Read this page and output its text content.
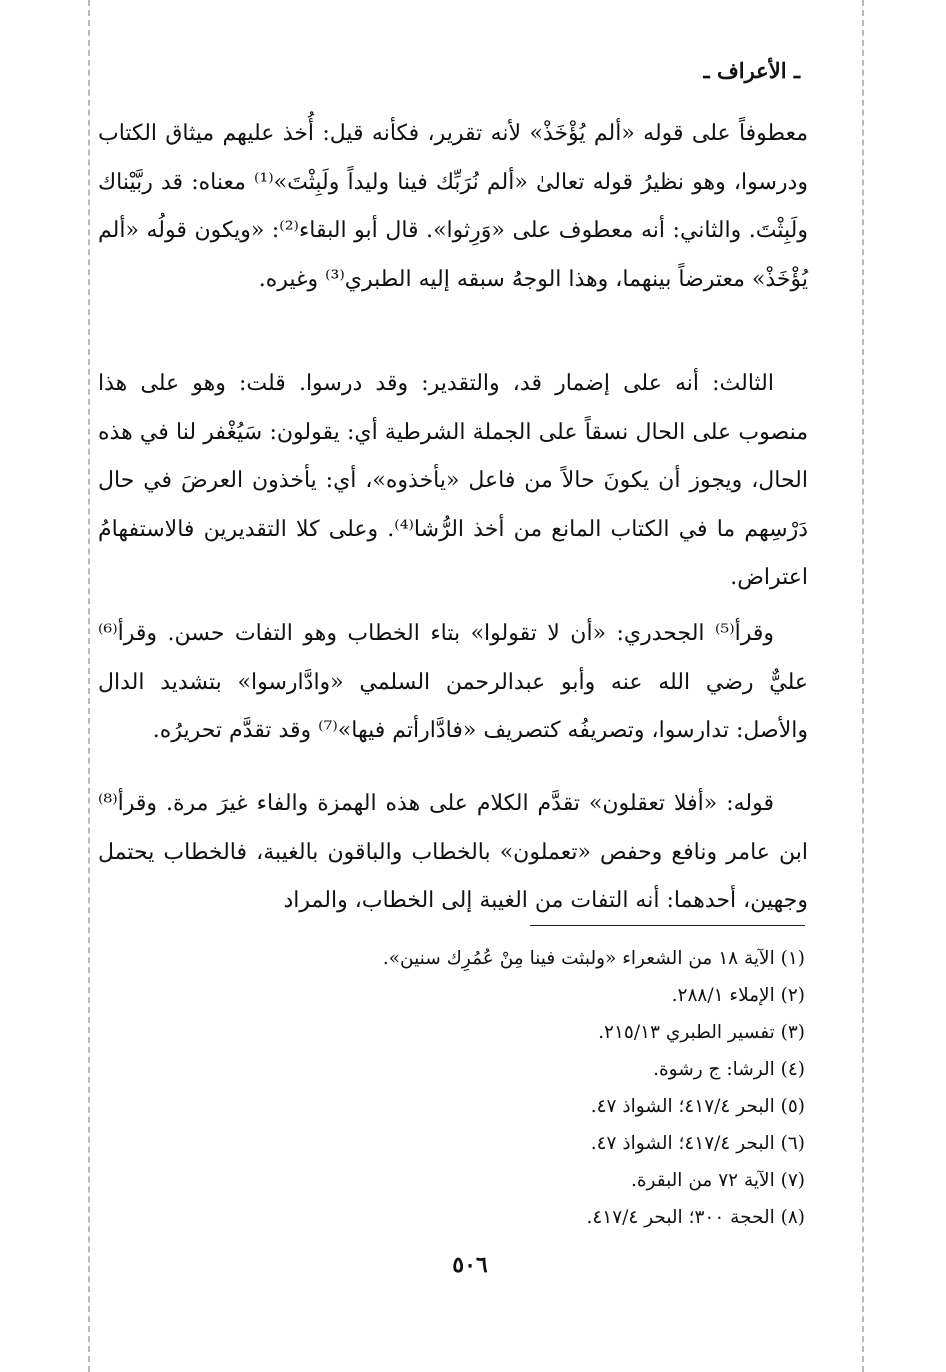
ـ الأعراف ـ

معطوفاً على قوله «ألم يُؤْخَذْ» لأنه تقرير، فكأنه قيل: أُخذ عليهم ميثاق الكتاب ودرسوا، وهو نظيرُ قوله تعالىٰ «ألم نُرَبِّك فينا وليداً ولَبِثْتَ»⁽¹⁾ معناه: قد ربَّيْناك ولَبِثْتَ. والثاني: أنه معطوف على «وَرِثوا». قال أبو البقاء⁽²⁾: «ويكون قولُه «ألم يُؤْخَذْ» معترضاً بينهما، وهذا الوجهُ سبقه إليه الطبري⁽³⁾ وغيره.

الثالث: أنه على إضمار قد، والتقدير: وقد درسوا. قلت: وهو على هذا منصوب على الحال نسقاً على الجملة الشرطية أي: يقولون: سَيُغْفر لنا في هذه الحال، ويجوز أن يكونَ حالاً من فاعل «يأخذوه»، أي: يأخذون العرضَ في حال دَرْسِهم ما في الكتاب المانع من أخذ الرُّشا⁽⁴⁾. وعلى كلا التقديرين فالاستفهامُ اعتراض.

وقرأ⁽⁵⁾ الجحدري: «أن لا تقولوا» بتاء الخطاب وهو التفات حسن. وقرأ⁽⁶⁾ عليٌّ رضي الله عنه وأبو عبدالرحمن السلمي «وادَّارسوا» بتشديد الدال والأصل: تدارسوا، وتصريفُه كتصريف «فادَّارأتم فيها»⁽⁷⁾ وقد تقدَّم تحريرُه.

قوله: «أفلا تعقلون» تقدَّم الكلام على هذه الهمزة والفاء غيرَ مرة. وقرأ⁽⁸⁾ ابن عامر ونافع وحفص «تعملون» بالخطاب والباقون بالغيبة، فالخطاب يحتمل وجهين، أحدهما: أنه التفات من الغيبة إلى الخطاب، والمراد

(١) الآية ١٨ من الشعراء «ولبثت فينا مِنْ عُمُرِك سنين».
(٢) الإملاء ٢٨٨/١.
(٣) تفسير الطبري ٢١٥/١٣.
(٤) الرشا: ج رشوة.
(٥) البحر ٤١٧/٤؛ الشواذ ٤٧.
(٦) البحر ٤١٧/٤؛ الشواذ ٤٧.
(٧) الآية ٧٢ من البقرة.
(٨) الحجة ٣٠٠؛ البحر ٤١٧/٤.
٥٠٦
